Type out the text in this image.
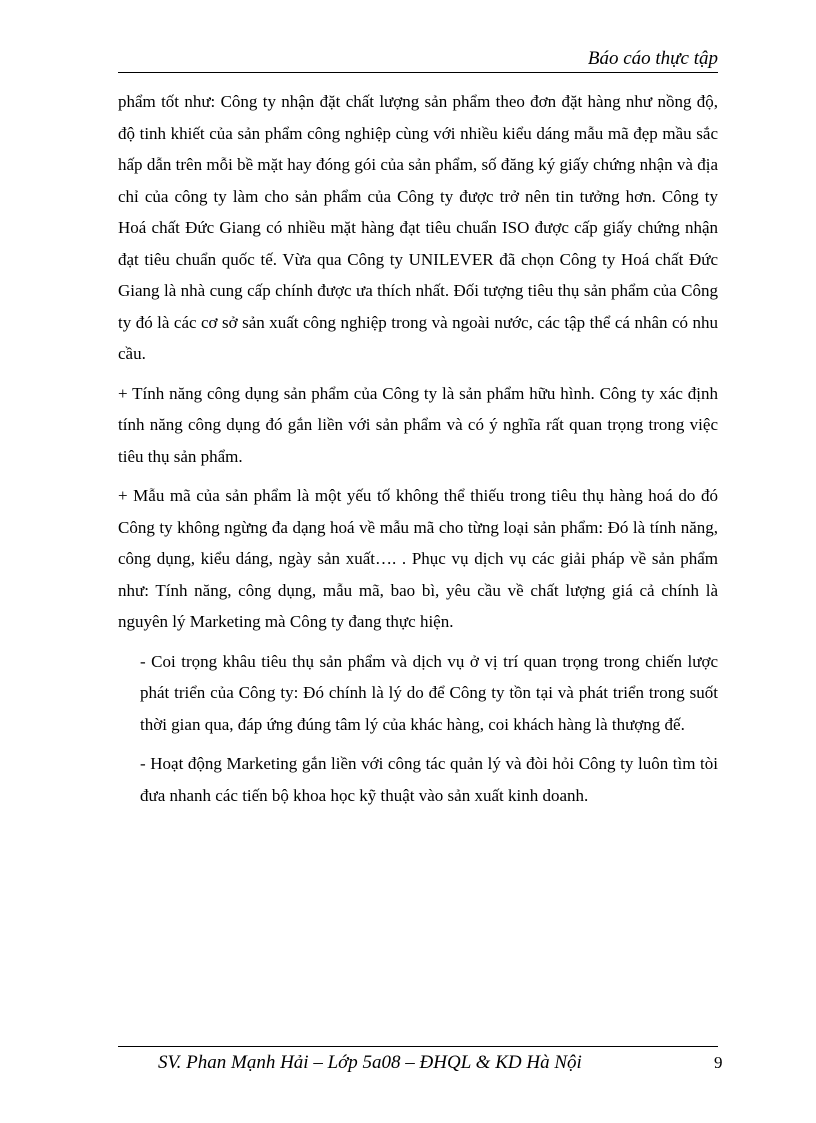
Báo cáo thực tập

phẩm tốt như: Công ty nhận đặt chất lượng sản phẩm theo đơn đặt hàng như nồng độ, độ tinh khiết của sản phẩm công nghiệp cùng với nhiều kiểu dáng mẫu mã đẹp mầu sắc hấp dẫn trên mỗi bề mặt hay đóng gói của sản phẩm, số đăng ký giấy chứng nhận và địa chỉ của công ty làm cho sản phẩm của Công ty được trở nên tin tưởng hơn. Công ty Hoá chất Đức Giang có nhiều mặt hàng đạt tiêu chuẩn ISO được cấp giấy chứng nhận đạt tiêu chuẩn quốc tế. Vừa qua Công ty UNILEVER đã chọn Công ty Hoá chất Đức Giang là nhà cung cấp chính được ưa thích nhất. Đối tượng tiêu thụ sản phẩm của Công ty đó là các cơ sở sản xuất công nghiệp trong và ngoài nước, các tập thể cá nhân có nhu cầu.

+ Tính năng công dụng sản phẩm của Công ty là sản phẩm hữu hình. Công ty xác định tính năng công dụng đó gắn liền với sản phẩm và có ý nghĩa rất quan trọng trong việc tiêu thụ sản phẩm.

+ Mẫu mã của sản phẩm là một yếu tố không thể thiếu trong tiêu thụ hàng hoá do đó Công ty không ngừng đa dạng hoá về mẫu mã cho từng loại sản phẩm: Đó là tính năng, công dụng, kiểu dáng, ngày sản xuất…. . Phục vụ dịch vụ các giải pháp về sản phẩm như: Tính năng, công dụng, mẫu mã, bao bì, yêu cầu về chất lượng giá cả chính là nguyên lý Marketing mà Công ty đang thực hiện.

- Coi trọng khâu tiêu thụ sản phẩm và dịch vụ ở vị trí quan trọng trong chiến lược phát triển của Công ty: Đó chính là lý do để Công ty tồn tại và phát triển trong suốt thời gian qua, đáp ứng đúng tâm lý của khác hàng, coi khách hàng là thượng đế.

- Hoạt động Marketing gắn liền với công tác quản lý và đòi hỏi Công ty luôn tìm tòi đưa nhanh các tiến bộ khoa học kỹ thuật vào sản xuất kinh doanh.

SV. Phan Mạnh Hải – Lớp 5a08 – ĐHQL & KD Hà Nội	9
